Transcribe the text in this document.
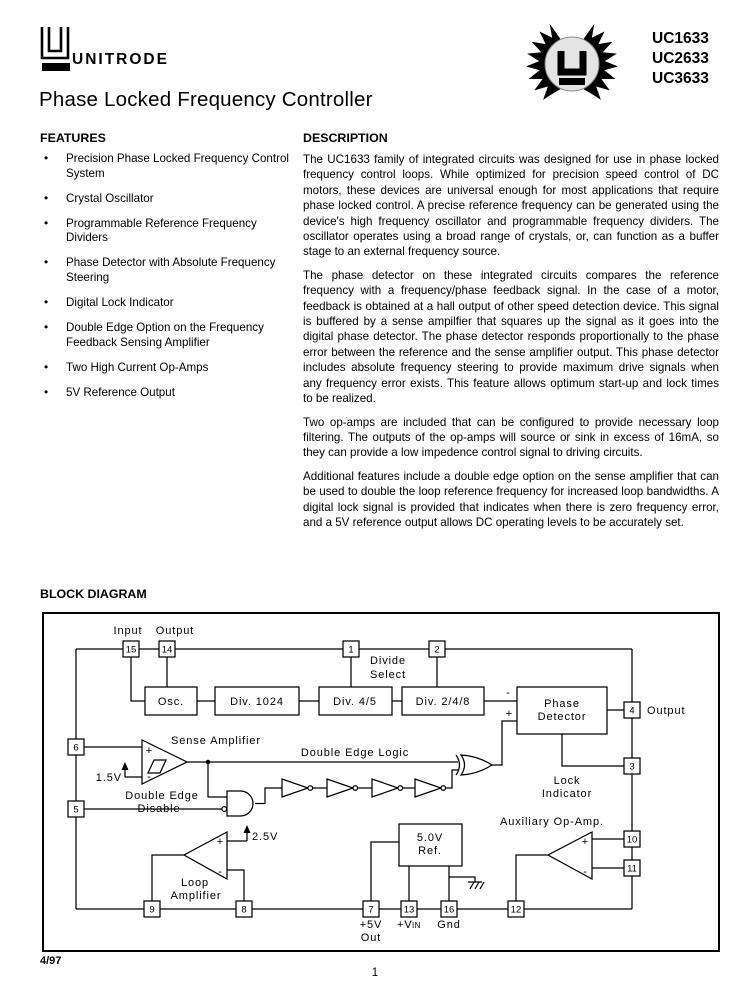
UNITRODE
UC1633
UC2633
UC3633
Phase Locked Frequency Controller
FEATURES
• Precision Phase Locked Frequency Control System
• Crystal Oscillator
• Programmable Reference Frequency Dividers
• Phase Detector with Absolute Frequency Steering
• Digital Lock Indicator
• Double Edge Option on the Frequency Feedback Sensing Amplifier
• Two High Current Op-Amps
• 5V Reference Output
DESCRIPTION

The UC1633 family of integrated circuits was designed for use in phase locked frequency control loops. While optimized for precision speed control of DC motors, these devices are universal enough for most applications that require phase locked control. A precise reference frequency can be generated using the device's high frequency oscillator and programmable frequency dividers. The oscillator operates using a broad range of crystals, or, can function as a buffer stage to an external frequency source.

The phase detector on these integrated circuits compares the reference frequency with a frequency/phase feedback signal. In the case of a motor, feedback is obtained at a hall output of other speed detection device. This signal is buffered by a sense ampilfier that squares up the signal as it goes into the digital phase detector. The phase detector responds proportionally to the phase error between the reference and the sense amplifier output. This phase detector includes absolute frequency steering to provide maximum drive signals when any frequency error exists. This feature allows optimum start-up and lock times to be realized.

Two op-amps are included that can be configured to provide necessary loop filtering. The outputs of the op-amps will source or sink in excess of 16mA, so they can provide a low impedence control signal to driving circuits.

Additional features include a double edge option on the sense amplifier that can be used to double the loop reference frequency for increased loop bandwidths. A digital lock signal is provided that indicates when there is zero frequency error, and a 5V reference output allows DC operating levels to be accurately set.

BLOCK DIAGRAM
Osc.	Div. 1024	Div. 4/5	Div. 2/4/8	Phase
Detector
5.0V
Ref.
+
-
+
-
+
-
15	14	1	2
4
3
10
11
6
5
9	8	7	13	16	12
Input Output
Divide
Select
-
+	Output
Lock
Indicator
Sense Amplifier
Double Edge Logic
1.5V
Double Edge
Disable
2.5V
Loop
Amplifier
Auxiliary Op-Amp.
+5V
Out
+V IN Gnd
4/97
1
